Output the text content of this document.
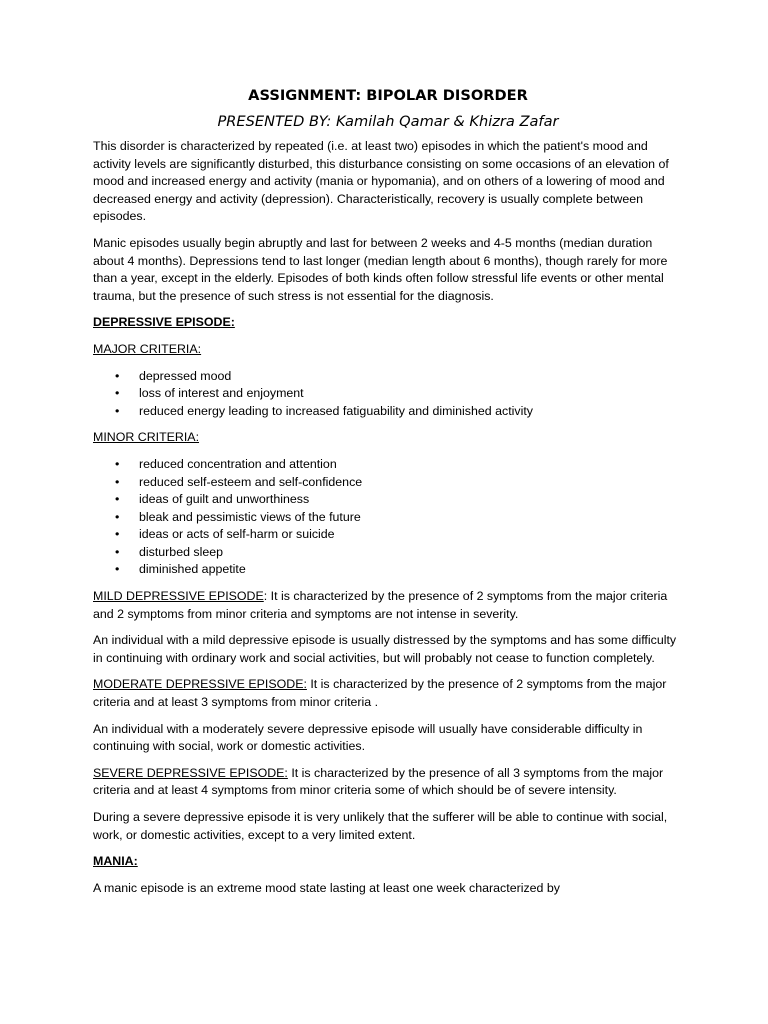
ASSIGNMENT: BIPOLAR DISORDER
PRESENTED BY: Kamilah Qamar & Khizra Zafar

This disorder is characterized by repeated (i.e. at least two) episodes in which the patient's mood and activity levels are significantly disturbed, this disturbance consisting on some occasions of an elevation of mood and increased energy and activity (mania or hypomania), and on others of a lowering of mood and decreased energy and activity (depression). Characteristically, recovery is usually complete between episodes.

Manic episodes usually begin abruptly and last for between 2 weeks and 4-5 months (median duration about 4 months). Depressions tend to last longer (median length about 6 months), though rarely for more than a year, except in the elderly. Episodes of both kinds often follow stressful life events or other mental trauma, but the presence of such stress is not essential for the diagnosis.

DEPRESSIVE EPISODE:
MAJOR CRITERIA:
• depressed mood
• loss of interest and enjoyment
• reduced energy leading to increased fatiguability and diminished activity
MINOR CRITERIA:
• reduced concentration and attention
• reduced self-esteem and self-confidence
• ideas of guilt and unworthiness
• bleak and pessimistic views of the future
• ideas or acts of self-harm or suicide
• disturbed sleep
• diminished appetite

MILD DEPRESSIVE EPISODE: It is characterized by the presence of 2 symptoms from the major criteria and 2 symptoms from minor criteria and symptoms are not intense in severity.

An individual with a mild depressive episode is usually distressed by the symptoms and has some difficulty in continuing with ordinary work and social activities, but will probably not cease to function completely.

MODERATE DEPRESSIVE EPISODE: It is characterized by the presence of 2 symptoms from the major criteria and at least 3 symptoms from minor criteria .

An individual with a moderately severe depressive episode will usually have considerable difficulty in continuing with social, work or domestic activities.

SEVERE DEPRESSIVE EPISODE: It is characterized by the presence of all 3 symptoms from the major criteria and at least 4 symptoms from minor criteria some of which should be of severe intensity.

During a severe depressive episode it is very unlikely that the sufferer will be able to continue with social, work, or domestic activities, except to a very limited extent.

MANIA:

A manic episode is an extreme mood state lasting at least one week characterized by
